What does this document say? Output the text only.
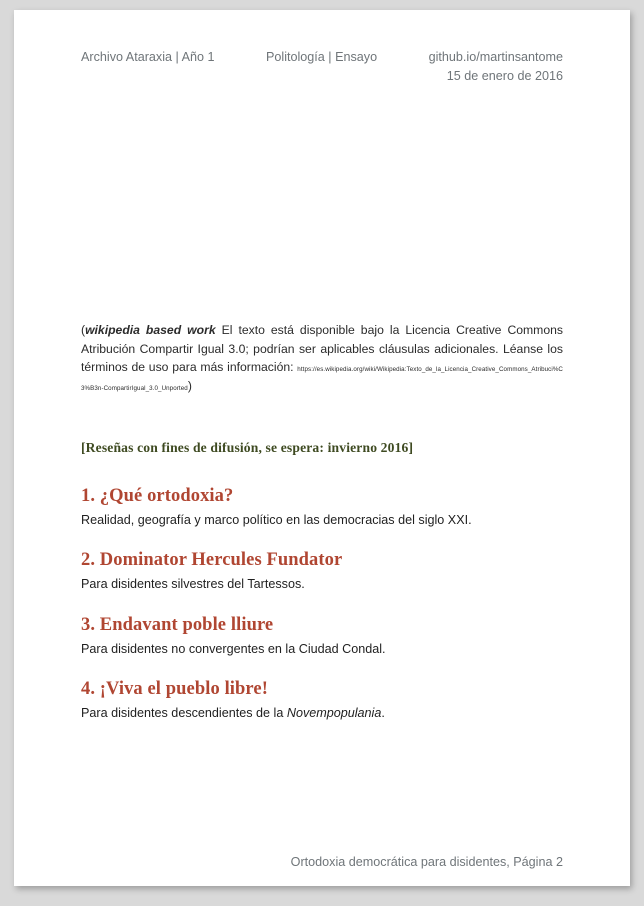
Archivo Ataraxia | Año 1	Politología | Ensayo	github.io/martinsantome
15 de enero de 2016

(wikipedia based work El texto está disponible bajo la Licencia Creative Commons Atribución Compartir Igual 3.0; podrían ser aplicables cláusulas adicionales. Léanse los términos de uso para más información: https://es.wikipedia.org/wiki/Wikipedia:Texto_de_la_Licencia_Creative_Commons_Atribuci%C3%B3n-CompartirIgual_3.0_Unported)

[Reseñas con fines de difusión, se espera: invierno 2016]
1. ¿Qué ortodoxia?
Realidad, geografía y marco político en las democracias del siglo XXI.
2. Dominator Hercules Fundator
Para disidentes silvestres del Tartessos.
3. Endavant poble lliure
Para disidentes no convergentes en la Ciudad Condal.
4. ¡Viva el pueblo libre!
Para disidentes descendientes de la Novempopulania.
Ortodoxia democrática para disidentes, Página 2
